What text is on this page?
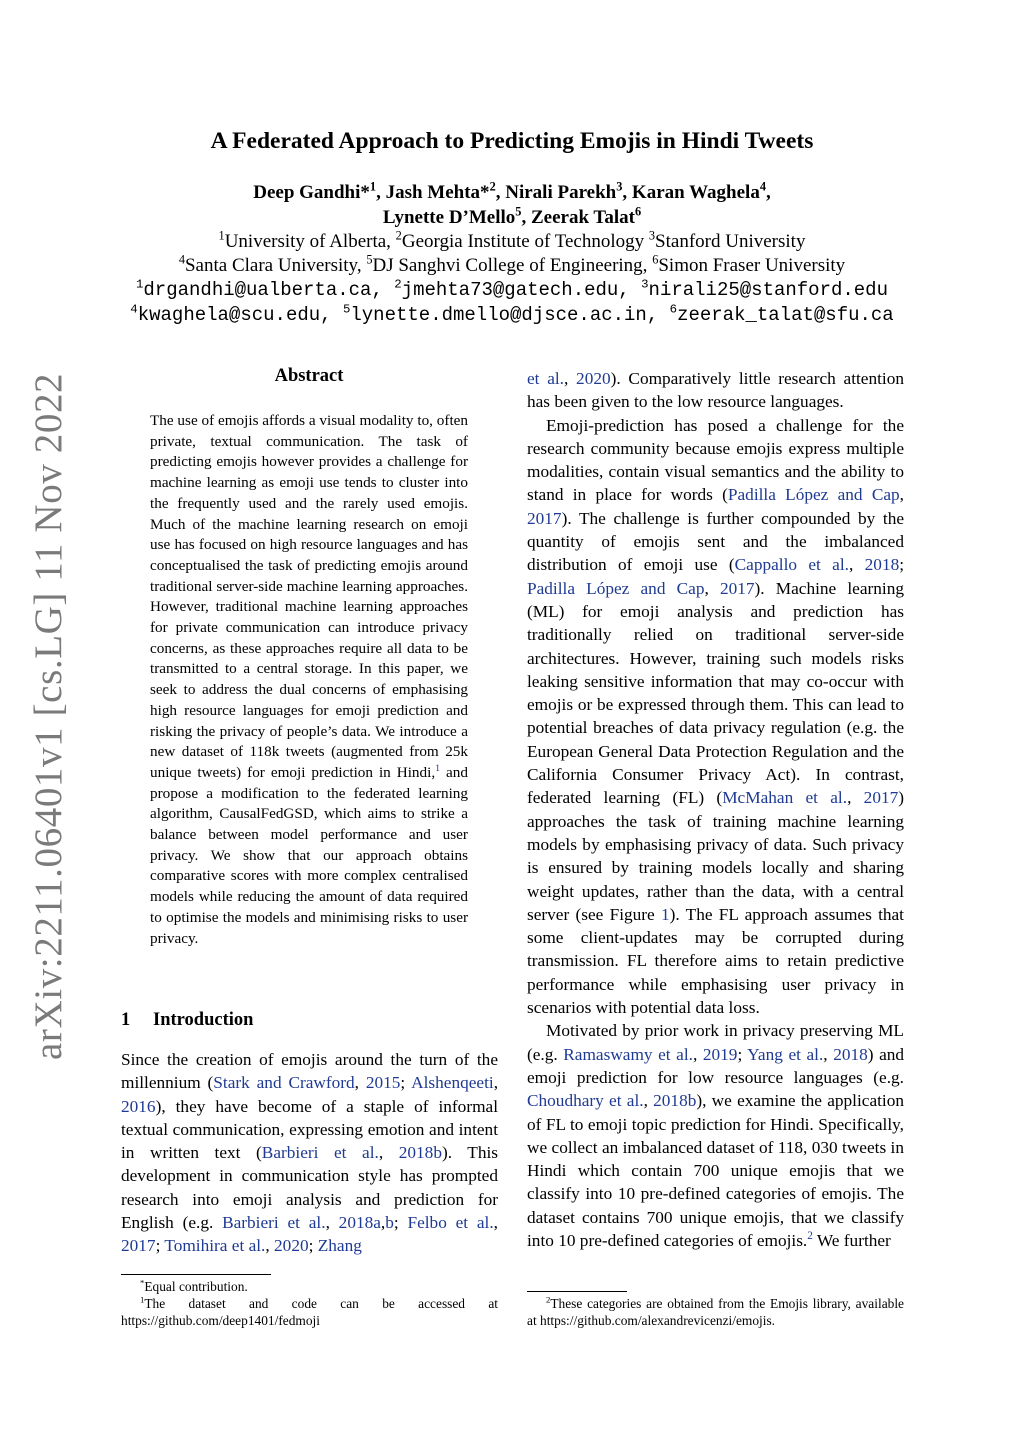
arXiv:2211.06401v1 [cs.LG] 11 Nov 2022
A Federated Approach to Predicting Emojis in Hindi Tweets
Deep Gandhi*$^1$, Jash Mehta*$^2$, Nirali Parekh$^3$, Karan Waghela$^4$,
Lynette D’Mello$^5$, Zeerak Talat$^6$
$^1$University of Alberta, $^2$Georgia Institute of Technology $^3$Stanford University
$^4$Santa Clara University, $^5$DJ Sanghvi College of Engineering, $^6$Simon Fraser University
$^1$drgandhi@ualberta.ca, $^2$jmehta73@gatech.edu, $^3$nirali25@stanford.edu
$^4$kwaghela@scu.edu, $^5$lynette.dmello@djsce.ac.in, $^6$zeerak_talat@sfu.ca
Abstract

The use of emojis affords a visual modality to, often private, textual communication. The task of predicting emojis however provides a challenge for machine learning as emoji use tends to cluster into the frequently used and the rarely used emojis. Much of the machine learning research on emoji use has focused on high resource languages and has conceptualised the task of predicting emojis around traditional server-side machine learning approaches. However, traditional machine learning approaches for private communication can introduce privacy concerns, as these approaches require all data to be transmitted to a central storage. In this paper, we seek to address the dual concerns of emphasising high resource languages for emoji prediction and risking the privacy of people’s data. We introduce a new dataset of 118k tweets (augmented from 25k unique tweets) for emoji prediction in Hindi,$^1$ and propose a modification to the federated learning algorithm, CausalFedGSD, which aims to strike a balance between model performance and user privacy. We show that our approach obtains comparative scores with more complex centralised models while reducing the amount of data required to optimise the models and minimising risks to user privacy.

1 Introduction

Since the creation of emojis around the turn of the millennium (Stark and Crawford, 2015; Alshenqeeti, 2016), they have become of a staple of informal textual communication, expressing emotion and intent in written text (Barbieri et al., 2018b). This development in communication style has prompted research into emoji analysis and prediction for English (e.g. Barbieri et al., 2018a,b; Felbo et al., 2017; Tomihira et al., 2020; Zhang

*Equal contribution.
$^1$The dataset and code can be accessed at https://github.com/deep1401/fedmoji

et al., 2020). Comparatively little research attention has been given to the low resource languages.

Emoji-prediction has posed a challenge for the research community because emojis express multiple modalities, contain visual semantics and the ability to stand in place for words (Padilla López and Cap, 2017). The challenge is further compounded by the quantity of emojis sent and the imbalanced distribution of emoji use (Cappallo et al., 2018; Padilla López and Cap, 2017). Machine learning (ML) for emoji analysis and prediction has traditionally relied on traditional server-side architectures. However, training such models risks leaking sensitive information that may co-occur with emojis or be expressed through them. This can lead to potential breaches of data privacy regulation (e.g. the European General Data Protection Regulation and the California Consumer Privacy Act). In contrast, federated learning (FL) (McMahan et al., 2017) approaches the task of training machine learning models by emphasising privacy of data. Such privacy is ensured by training models locally and sharing weight updates, rather than the data, with a central server (see Figure 1). The FL approach assumes that some client-updates may be corrupted during transmission. FL therefore aims to retain predictive performance while emphasising user privacy in scenarios with potential data loss.

Motivated by prior work in privacy preserving ML (e.g. Ramaswamy et al., 2019; Yang et al., 2018) and emoji prediction for low resource languages (e.g. Choudhary et al., 2018b), we examine the application of FL to emoji topic prediction for Hindi. Specifically, we collect an imbalanced dataset of 118, 030 tweets in Hindi which contain 700 unique emojis that we classify into 10 pre-defined categories of emojis. The dataset contains 700 unique emojis, that we classify into 10 pre-defined categories of emojis.$^2$ We further

$^2$These categories are obtained from the Emojis library, available at https://github.com/alexandrevicenzi/emojis.
